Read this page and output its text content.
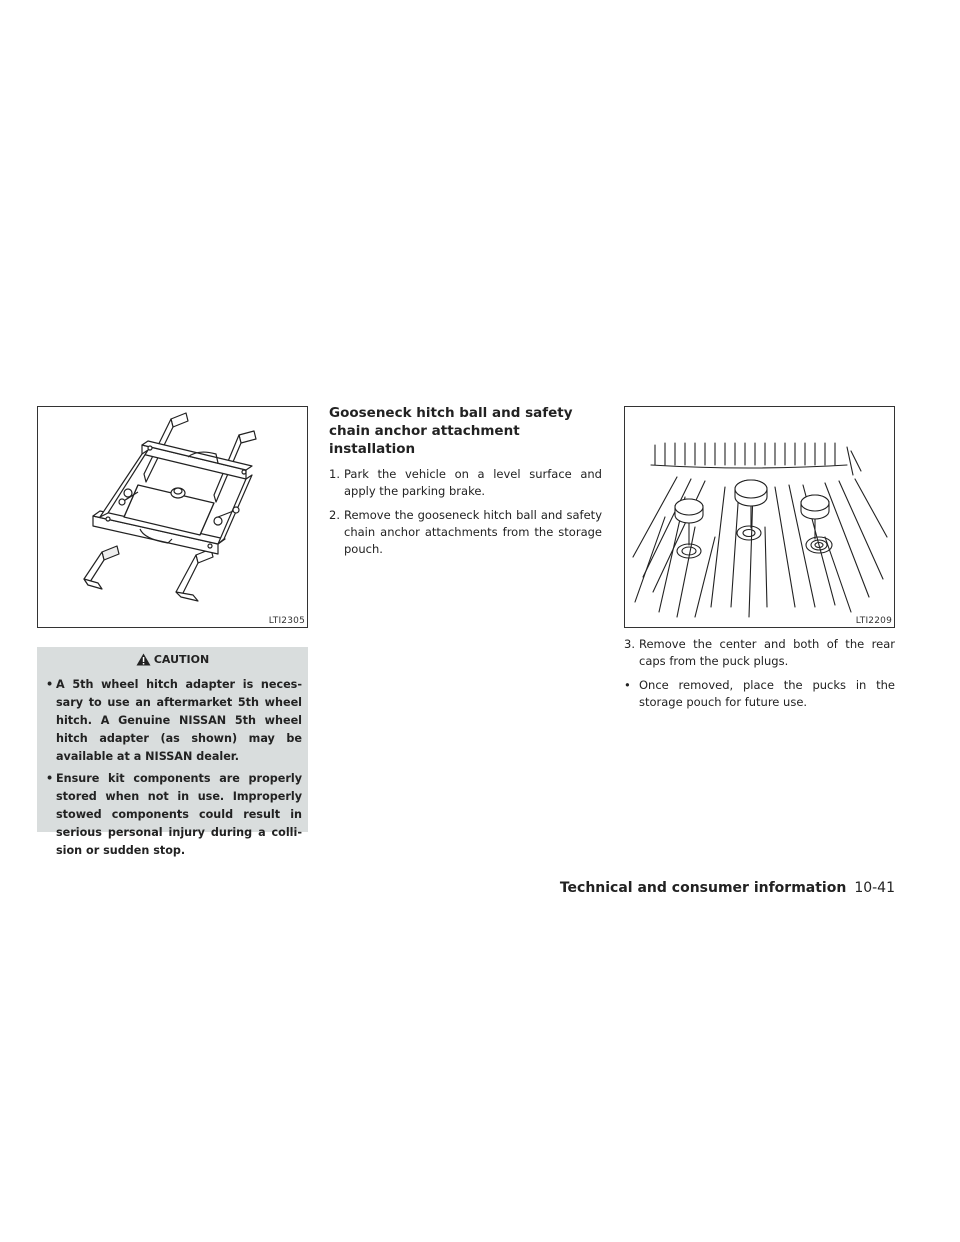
LTI2305
CAUTION
• A 5th wheel hitch adapter is neces-sary to use an aftermarket 5th wheel hitch. A Genuine NISSAN 5th wheel hitch adapter (as shown) may be available at a NISSAN dealer.
• Ensure kit components are properly stored when not in use. Improperly stowed components could result in serious personal injury during a colli-sion or sudden stop.
Gooseneck hitch ball and safety chain anchor attachment installation
1. Park the vehicle on a level surface and apply the parking brake.
2. Remove the gooseneck hitch ball and safety chain anchor attachments from the storage pouch.
LTI2209
3. Remove the center and both of the rear caps from the puck plugs.
• Once removed, place the pucks in the storage pouch for future use.
Technical and consumer information 10-41
